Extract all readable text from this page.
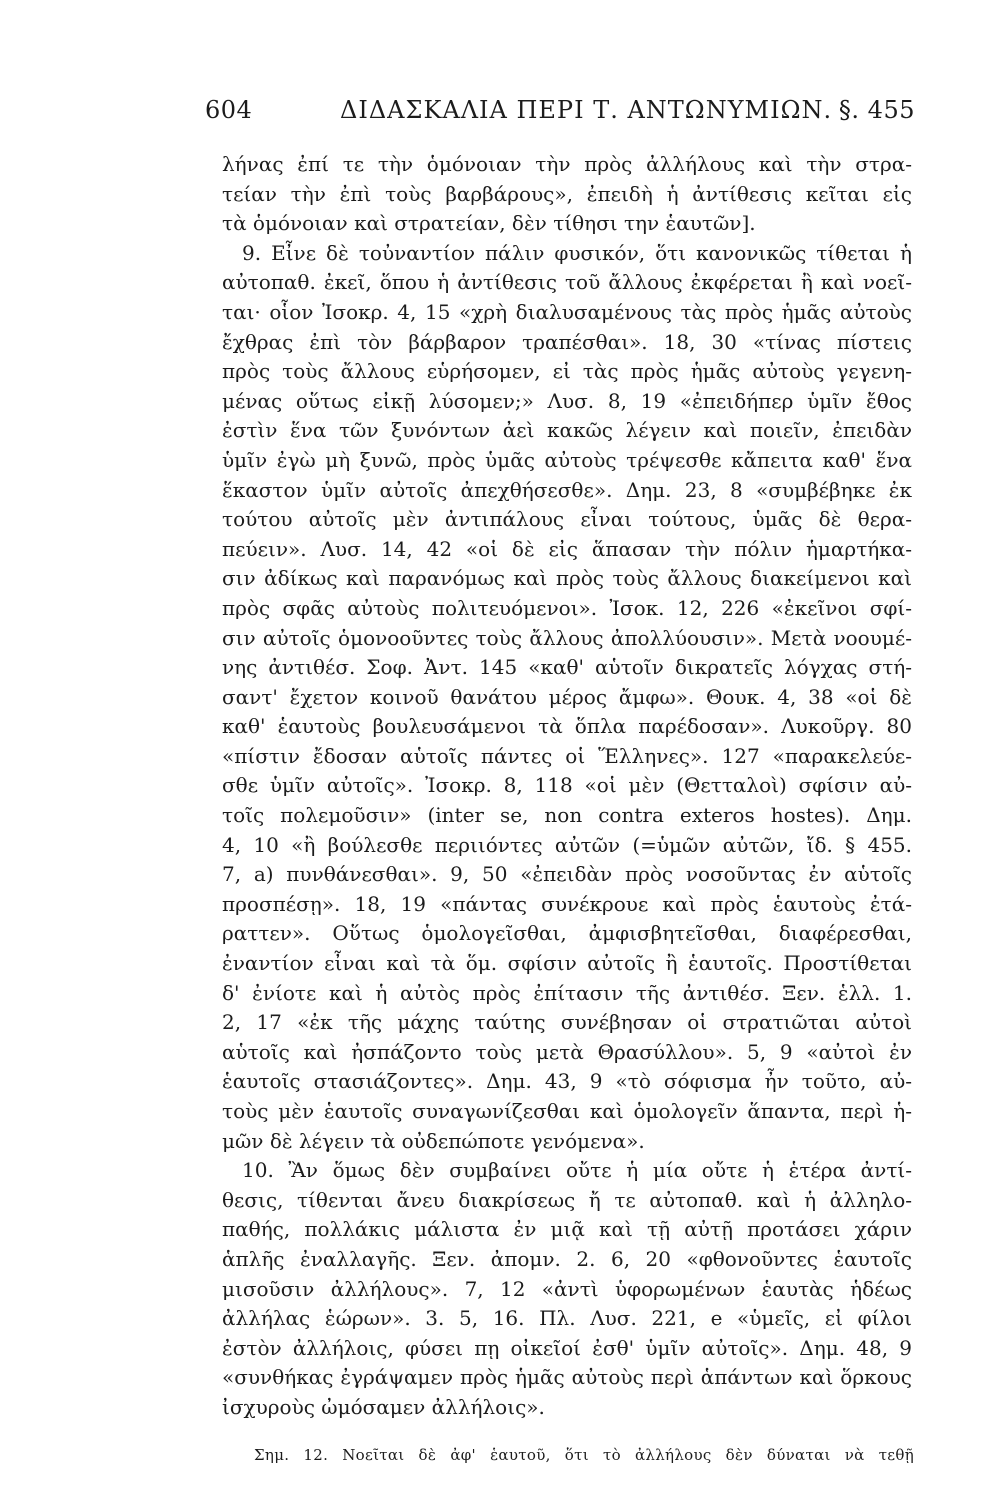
604	ΔΙΔΑΣΚΑΛΙΑ ΠΕΡΙ Τ. ΑΝΤΩΝΥΜΙΩΝ. §. 455
λήνας ἐπί τε τὴν ὁμόνοιαν τὴν πρὸς ἀλλήλους καὶ τὴν στρα-
τείαν τὴν ἐπὶ τοὺς βαρβάρους», ἐπειδὴ ἡ ἀντίθεσις κεῖται εἰς
τὰ ὁμόνοιαν καὶ στρατείαν, δὲν τίθησι την ἑαυτῶν].
9. Εἶνε δὲ τοὐναντίον πάλιν φυσικόν, ὅτι κανονικῶς τίθεται ἡ
αὐτοπαθ. ἐκεῖ, ὅπου ἡ ἀντίθεσις τοῦ ἄλλους ἐκφέρεται ἢ καὶ νοεῖ-
ται· οἷον Ἰσοκρ. 4, 15 «χρὴ διαλυσαμένους τὰς πρὸς ἡμᾶς αὐτοὺς
ἔχθρας ἐπὶ τὸν βάρβαρον τραπέσθαι». 18, 30 «τίνας πίστεις
πρὸς τοὺς ἄλλους εὑρήσομεν, εἰ τὰς πρὸς ἡμᾶς αὐτοὺς γεγενη-
μένας οὕτως εἰκῇ λύσομεν;» Λυσ. 8, 19 «ἐπειδήπερ ὑμῖν ἔθος
ἐστὶν ἕνα τῶν ξυνόντων ἀεὶ κακῶς λέγειν καὶ ποιεῖν, ἐπειδὰν
ὑμῖν ἐγὼ μὴ ξυνῶ, πρὸς ὑμᾶς αὐτοὺς τρέψεσθε κἄπειτα καθ' ἕνα
ἕκαστον ὑμῖν αὐτοῖς ἀπεχθήσεσθε». Δημ. 23, 8 «συμβέβηκε ἐκ
τούτου αὐτοῖς μὲν ἀντιπάλους εἶναι τούτους, ὑμᾶς δὲ θερα-
πεύειν». Λυσ. 14, 42 «οἱ δὲ εἰς ἅπασαν τὴν πόλιν ἡμαρτήκα-
σιν ἀδίκως καὶ παρανόμως καὶ πρὸς τοὺς ἄλλους διακείμενοι καὶ
πρὸς σφᾶς αὐτοὺς πολιτευόμενοι». Ἰσοκ. 12, 226 «ἐκεῖνοι σφί-
σιν αὐτοῖς ὁμονοοῦντες τοὺς ἄλλους ἀπολλύουσιν». Μετὰ νοουμέ-
νης ἀντιθέσ. Σοφ. Ἀντ. 145 «καθ' αὑτοῖν δικρατεῖς λόγχας στή-
σαντ' ἔχετον κοινοῦ θανάτου μέρος ἄμφω». Θουκ. 4, 38 «οἱ δὲ
καθ' ἑαυτοὺς βουλευσάμενοι τὰ ὅπλα παρέδοσαν». Λυκοῦργ. 80
«πίστιν ἔδοσαν αὑτοῖς πάντες οἱ Ἕλληνες». 127 «παρακελεύε-
σθε ὑμῖν αὐτοῖς». Ἰσοκρ. 8, 118 «οἱ μὲν (Θετταλοὶ) σφίσιν αὐ-
τοῖς πολεμοῦσιν» (inter se, non contra exteros hostes). Δημ.
4, 10 «ἢ βούλεσθε περιιόντες αὐτῶν (=ὑμῶν αὐτῶν, ἴδ. § 455.
7, a) πυνθάνεσθαι». 9, 50 «ἐπειδὰν πρὸς νοσοῦντας ἐν αὑτοῖς
προσπέσῃ». 18, 19 «πάντας συνέκρουε καὶ πρὸς ἑαυτοὺς ἐτά-
ραττεν». Οὕτως ὁμολογεῖσθαι, ἀμφισβητεῖσθαι, διαφέρεσθαι,
ἐναντίον εἶναι καὶ τὰ ὅμ. σφίσιν αὐτοῖς ἢ ἑαυτοῖς. Προστίθεται
δ' ἐνίοτε καὶ ἡ αὐτὸς πρὸς ἐπίτασιν τῆς ἀντιθέσ. Ξεν. ἑλλ. 1.
2, 17 «ἐκ τῆς μάχης ταύτης συνέβησαν οἱ στρατιῶται αὐτοὶ
αὑτοῖς καὶ ἠσπάζοντο τοὺς μετὰ Θρασύλλου». 5, 9 «αὐτοὶ ἐν
ἑαυτοῖς στασιάζοντες». Δημ. 43, 9 «τὸ σόφισμα ἦν τοῦτο, αὐ-
τοὺς μὲν ἑαυτοῖς συναγωνίζεσθαι καὶ ὁμολογεῖν ἅπαντα, περὶ ἡ-
μῶν δὲ λέγειν τὰ οὐδεπώποτε γενόμενα».
10. Ἂν ὅμως δὲν συμβαίνει οὔτε ἡ μία οὔτε ἡ ἑτέρα ἀντί-
θεσις, τίθενται ἄνευ διακρίσεως ἤ τε αὐτοπαθ. καὶ ἡ ἀλληλο-
παθής, πολλάκις μάλιστα ἐν μιᾷ καὶ τῇ αὐτῇ προτάσει χάριν
ἁπλῆς ἐναλλαγῆς. Ξεν. ἀπομν. 2. 6, 20 «φθονοῦντες ἑαυτοῖς
μισοῦσιν ἀλλήλους». 7, 12 «ἀντὶ ὑφορωμένων ἑαυτὰς ἡδέως
ἀλλήλας ἑώρων». 3. 5, 16. Πλ. Λυσ. 221, e «ὑμεῖς, εἰ φίλοι
ἐστὸν ἀλλήλοις, φύσει πῃ οἰκεῖοί ἐσθ' ὑμῖν αὐτοῖς». Δημ. 48, 9
«συνθήκας ἐγράψαμεν πρὸς ἡμᾶς αὐτοὺς περὶ ἁπάντων καὶ ὅρκους
ἰσχυροὺς ὠμόσαμεν ἀλλήλοις».
Σημ. 12. Νοεῖται δὲ ἀφ' ἑαυτοῦ, ὅτι τὸ ἀλλήλους δὲν δύναται νὰ τεθῇ
